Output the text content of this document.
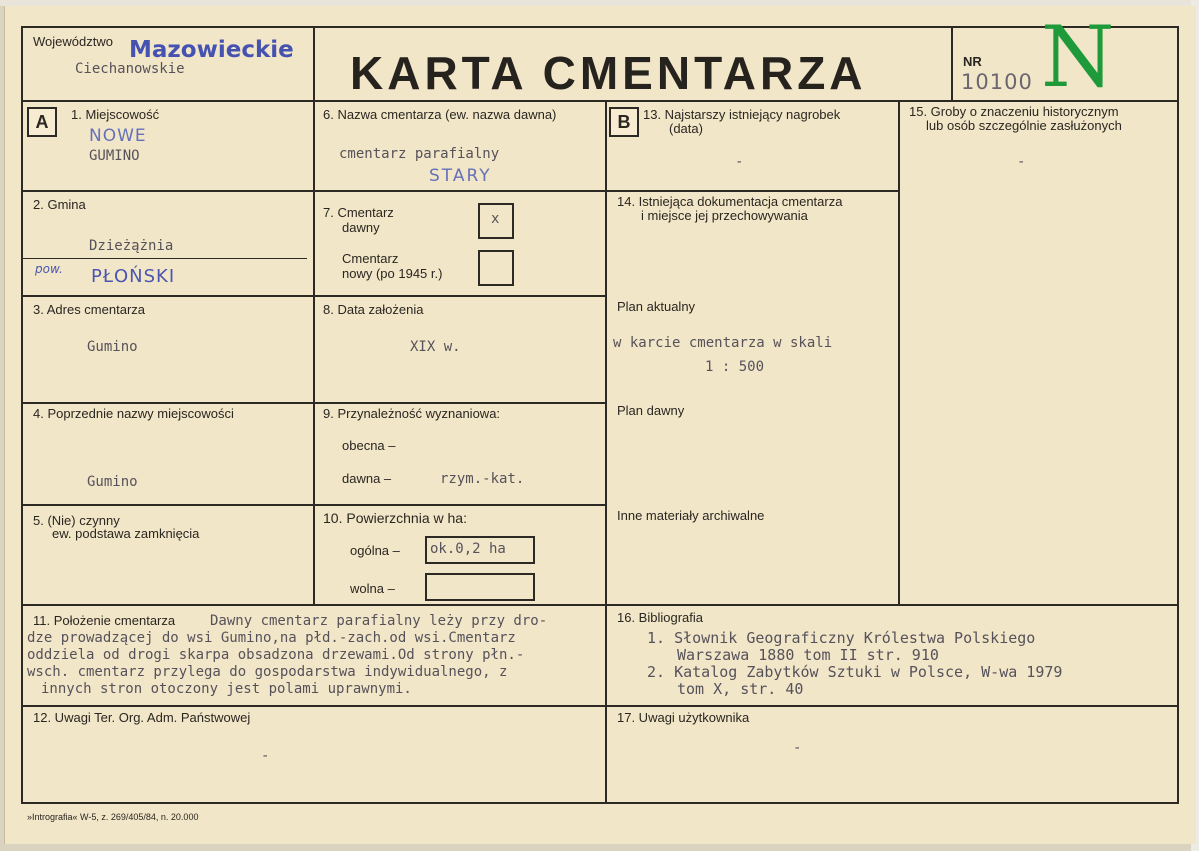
Województwo Mazowieckie
Ciechanowskie	KARTA CMENTARZA	NR
10100 N
A	1. Miejscowość
NOWE
GUMINO
2. Gmina
Dzieżążnia
pow. PŁOŃSKI
3. Adres cmentarza
Gumino
4. Poprzednie nazwy miejscowości
Gumino
5. (Nie) czynny
ew. podstawa zamknięcia
6. Nazwa cmentarza (ew. nazwa dawna)
cmentarz parafialny
STARY
7. Cmentarz
dawny
x
Cmentarz
nowy (po 1945 r.)
8. Data założenia
XIX w.
9. Przynależność wyznaniowa:
obecna –
dawna –	rzym.-kat.
10. Powierzchnia w ha:
ogólna – ok.0,2 ha
wolna –
B 13. Najstarszy istniejący nagrobek
(data)
-
14. Istniejąca dokumentacja cmentarza
i miejsce jej przechowywania
Plan aktualny
w karcie cmentarza w skali
1 : 500
Plan dawny
Inne materiały archiwalne
15. Groby o znaczeniu historycznym
lub osób szczególnie zasłużonych
-
11. Położenie cmentarza Dawny cmentarz parafialny leży przy dro-
dze prowadzącej do wsi Gumino,na płd.-zach.od wsi.Cmentarz
oddziela od drogi skarpa obsadzona drzewami.Od strony płn.-
wsch. cmentarz przylega do gospodarstwa indywidualnego, z
innych stron otoczony jest polami uprawnymi.
16. Bibliografia
1. Słownik Geograficzny Królestwa Polskiego
Warszawa 1880 tom II str. 910
2. Katalog Zabytków Sztuki w Polsce, W-wa 1979
tom X, str. 40
12. Uwagi Ter. Org. Adm. Państwowej
-
17. Uwagi użytkownika
-
»Intrografia« W-5, z. 269/405/84, n. 20.000
